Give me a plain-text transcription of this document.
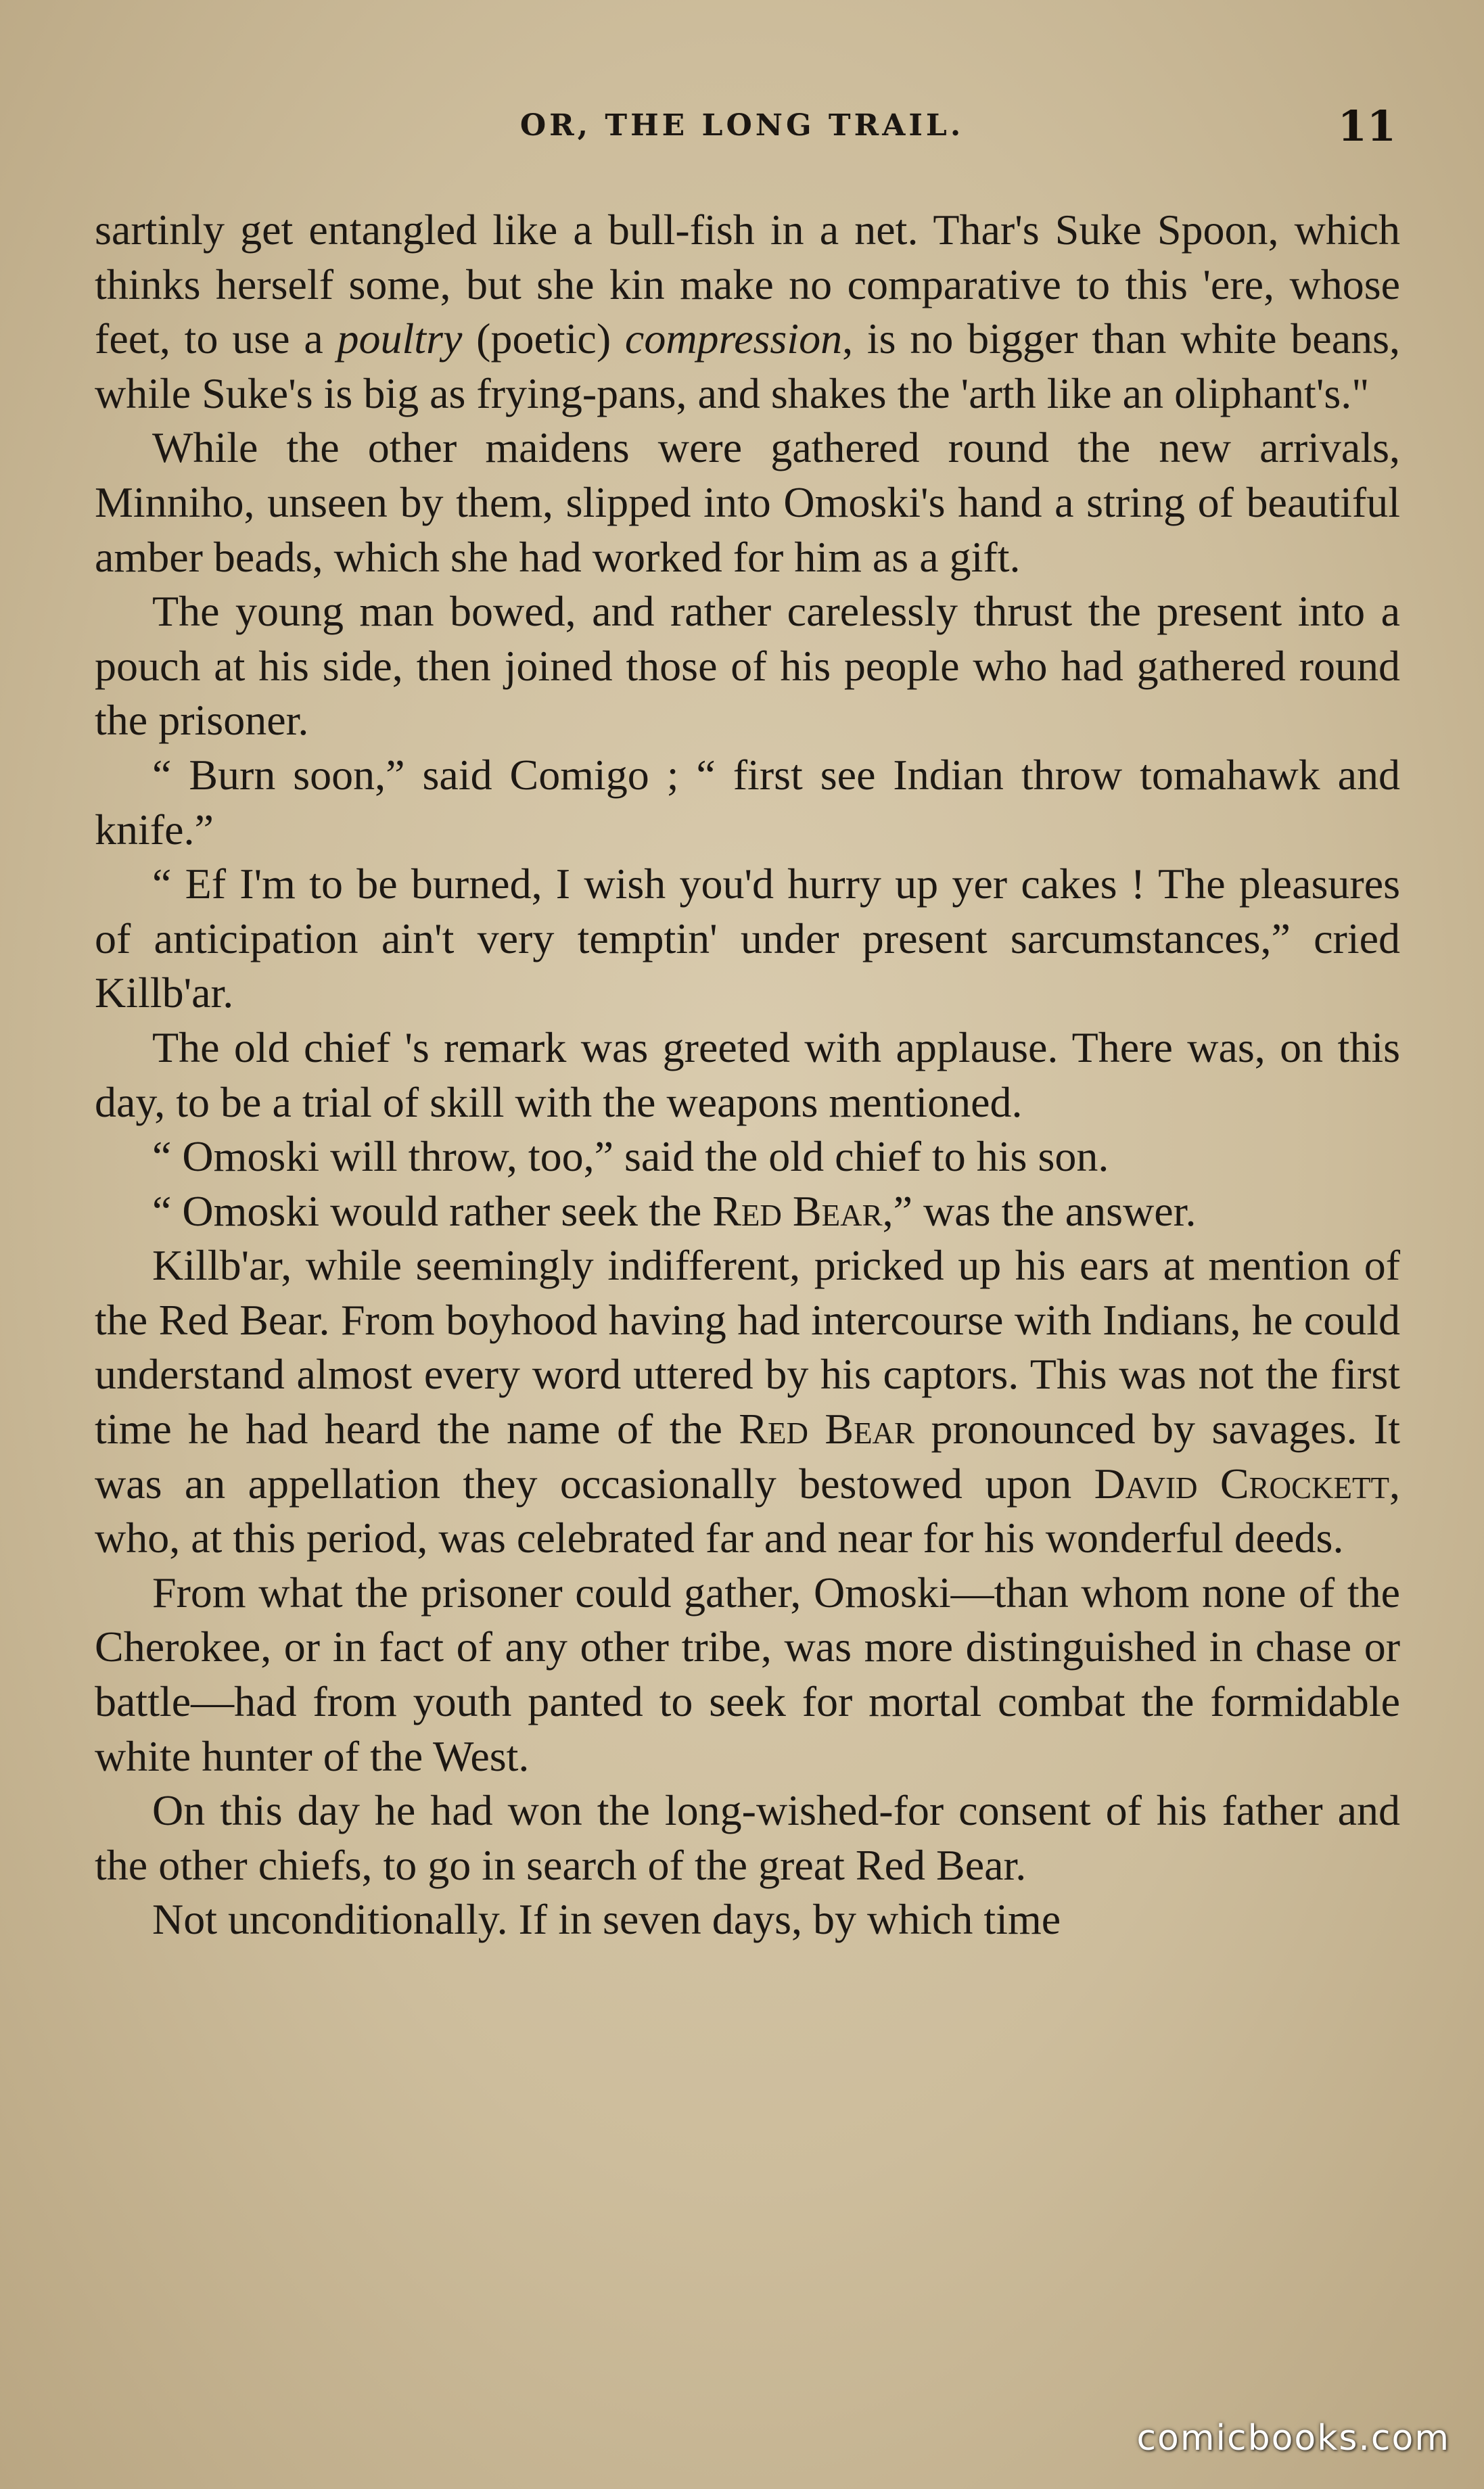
OR, THE LONG TRAIL.	11

sartinly get entangled like a bull-fish in a net. Thar's Suke Spoon, which thinks herself some, but she kin make no comparative to this 'ere, whose feet, to use a poultry (poetic) compression, is no bigger than white beans, while Suke's is big as frying-pans, and shakes the 'arth like an oliphant's."

While the other maidens were gathered round the new arrivals, Minniho, unseen by them, slipped into Omoski's hand a string of beautiful amber beads, which she had worked for him as a gift.

The young man bowed, and rather carelessly thrust the present into a pouch at his side, then joined those of his people who had gathered round the prisoner.

“ Burn soon,” said Comigo ; “ first see Indian throw tomahawk and knife.”

“ Ef I'm to be burned, I wish you'd hurry up yer cakes ! The pleasures of anticipation ain't very temptin' under present sarcumstances,” cried Killb'ar.

The old chief 's remark was greeted with applause. There was, on this day, to be a trial of skill with the weapons mentioned.

“ Omoski will throw, too,” said the old chief to his son.

“ Omoski would rather seek the Red Bear,” was the answer.

Killb'ar, while seemingly indifferent, pricked up his ears at mention of the Red Bear. From boyhood having had intercourse with Indians, he could understand almost every word uttered by his captors. This was not the first time he had heard the name of the Red Bear pronounced by savages. It was an appellation they occasionally bestowed upon David Crockett, who, at this period, was celebrated far and near for his wonderful deeds.

From what the prisoner could gather, Omoski—than whom none of the Cherokee, or in fact of any other tribe, was more distinguished in chase or battle—had from youth panted to seek for mortal combat the formidable white hunter of the West.

On this day he had won the long-wished-for consent of his father and the other chiefs, to go in search of the great Red Bear.

Not unconditionally. If in seven days, by which time

comicbooks.com
